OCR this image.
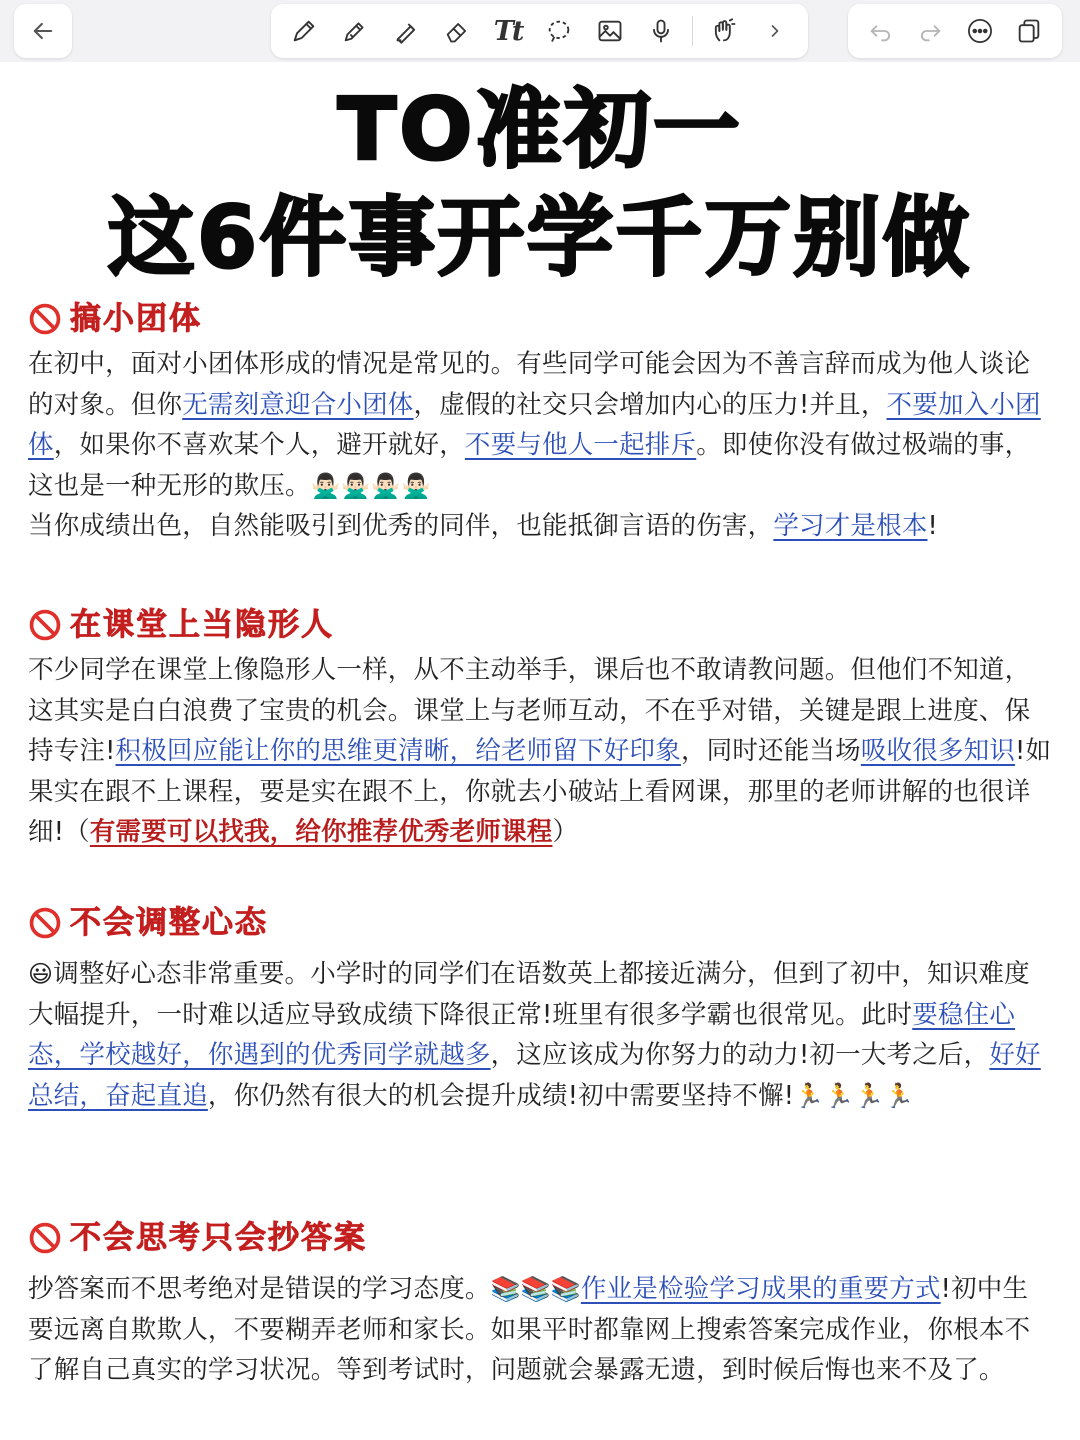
Tt
TO准初一
这6件事开学千万别做
搞小团体
在初中，面对小团体形成的情况是常见的。有些同学可能会因为不善言辞而成为他人谈论的对象。但你无需刻意迎合小团体，虚假的社交只会增加内心的压力!并且，不要加入小团体，如果你不喜欢某个人，避开就好，不要与他人一起排斥。即使你没有做过极端的事，这也是一种无形的欺压。🙅🏻‍♂️🙅🏻‍♂️🙅🏻‍♂️🙅🏻‍♂️
当你成绩出色，自然能吸引到优秀的同伴，也能抵御言语的伤害，学习才是根本!
在课堂上当隐形人
不少同学在课堂上像隐形人一样，从不主动举手，课后也不敢请教问题。但他们不知道，这其实是白白浪费了宝贵的机会。课堂上与老师互动，不在乎对错，关键是跟上进度、保持专注!积极回应能让你的思维更清晰，给老师留下好印象，同时还能当场吸收很多知识!如果实在跟不上课程，要是实在跟不上，你就去小破站上看网课，那里的老师讲解的也很详细!（有需要可以找我，给你推荐优秀老师课程）
不会调整心态
😃调整好心态非常重要。小学时的同学们在语数英上都接近满分，但到了初中，知识难度大幅提升，一时难以适应导致成绩下降很正常!班里有很多学霸也很常见。此时要稳住心态，学校越好，你遇到的优秀同学就越多，这应该成为你努力的动力!初一大考之后，好好总结，奋起直追，你仍然有很大的机会提升成绩!初中需要坚持不懈!🏃🏃🏃🏃
不会思考只会抄答案
抄答案而不思考绝对是错误的学习态度。📚📚📚作业是检验学习成果的重要方式!初中生要远离自欺欺人，不要糊弄老师和家长。如果平时都靠网上搜索答案完成作业，你根本不了解自己真实的学习状况。等到考试时，问题就会暴露无遗，到时候后悔也来不及了。
